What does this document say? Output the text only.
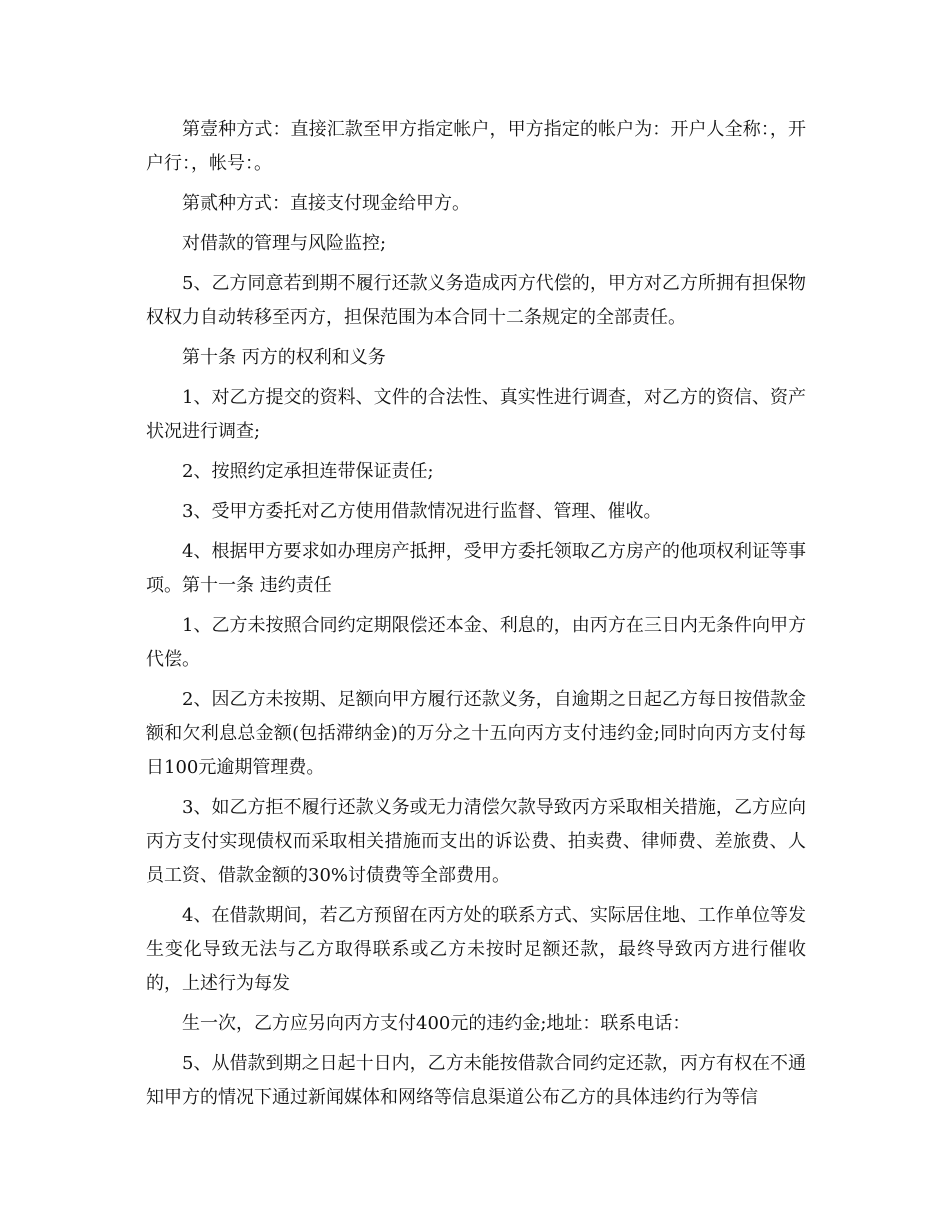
第壹种方式：直接汇款至甲方指定帐户，甲方指定的帐户为：开户人全称：，开户行：，帐号：。

第贰种方式：直接支付现金给甲方。

对借款的管理与风险监控;

5、乙方同意若到期不履行还款义务造成丙方代偿的，甲方对乙方所拥有担保物权权力自动转移至丙方，担保范围为本合同十二条规定的全部责任。

第十条 丙方的权利和义务

1、对乙方提交的资料、文件的合法性、真实性进行调查，对乙方的资信、资产状况进行调查;

2、按照约定承担连带保证责任;

3、受甲方委托对乙方使用借款情况进行监督、管理、催收。

4、根据甲方要求如办理房产抵押，受甲方委托领取乙方房产的他项权利证等事项。第十一条 违约责任

1、乙方未按照合同约定期限偿还本金、利息的，由丙方在三日内无条件向甲方代偿。

2、因乙方未按期、足额向甲方履行还款义务，自逾期之日起乙方每日按借款金额和欠利息总金额(包括滞纳金)的万分之十五向丙方支付违约金;同时向丙方支付每日100元逾期管理费。

3、如乙方拒不履行还款义务或无力清偿欠款导致丙方采取相关措施，乙方应向丙方支付实现债权而采取相关措施而支出的诉讼费、拍卖费、律师费、差旅费、人员工资、借款金额的30%讨债费等全部费用。

4、在借款期间，若乙方预留在丙方处的联系方式、实际居住地、工作单位等发生变化导致无法与乙方取得联系或乙方未按时足额还款，最终导致丙方进行催收的，上述行为每发

生一次，乙方应另向丙方支付400元的违约金;地址：联系电话：

5、从借款到期之日起十日内，乙方未能按借款合同约定还款，丙方有权在不通知甲方的情况下通过新闻媒体和网络等信息渠道公布乙方的具体违约行为等信
